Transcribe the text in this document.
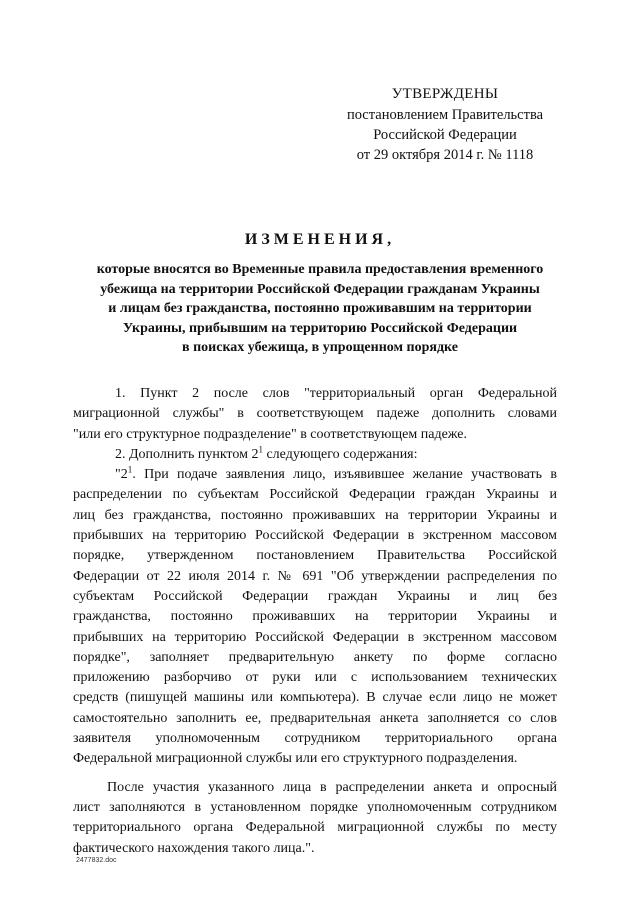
УТВЕРЖДЕНЫ
постановлением Правительства
Российской Федерации
от 29 октября 2014 г. № 1118
ИЗМЕНЕНИЯ,
которые вносятся во Временные правила предоставления временного
убежища на территории Российской Федерации гражданам Украины
и лицам без гражданства, постоянно проживавшим на территории
Украины, прибывшим на территорию Российской Федерации
в поисках убежища, в упрощенном порядке
1. Пункт 2 после слов "территориальный орган Федеральной
миграционной службы" в соответствующем падеже дополнить словами
"или его структурное подразделение" в соответствующем падеже.
2. Дополнить пунктом $2^1$ следующего содержания:
"$2^1$. При подаче заявления лицо, изъявившее желание участвовать в
распределении по субъектам Российской Федерации граждан Украины и
лиц без гражданства, постоянно проживавших на территории Украины и
прибывших на территорию Российской Федерации в экстренном массовом
порядке, утвержденном постановлением Правительства Российской
Федерации от 22 июля 2014 г. № 691 "Об утверждении распределения по
субъектам Российской Федерации граждан Украины и лиц без
гражданства, постоянно проживавших на территории Украины и
прибывших на территорию Российской Федерации в экстренном массовом
порядке", заполняет предварительную анкету по форме согласно
приложению разборчиво от руки или с использованием технических
средств (пишущей машины или компьютера). В случае если лицо не может
самостоятельно заполнить ее, предварительная анкета заполняется со слов
заявителя уполномоченным сотрудником территориального органа
Федеральной миграционной службы или его структурного подразделения.
После участия указанного лица в распределении анкета и опросный
лист заполняются в установленном порядке уполномоченным сотрудником
территориального органа Федеральной миграционной службы по месту
фактического нахождения такого лица.".
2477832.doc
